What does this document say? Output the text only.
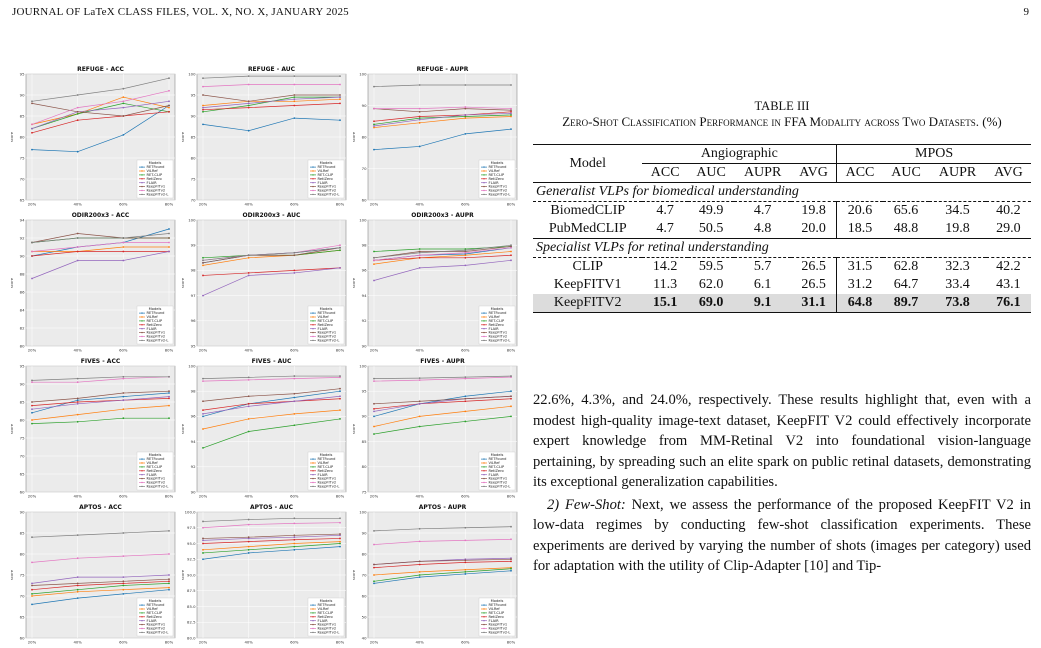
JOURNAL OF LaTeX CLASS FILES, VOL. X, NO. X, JANUARY 2025	9
REFUGE - ACC
65
70
75
80
85
90
95
20%	40%	60%	80%
score
Models
RETFound
ViLRef
RET-CLIP
RetiZero
FLAIR
KeepFITv1
KeepFITv2
KeepFITv2-L
REFUGE - AUC
70
75
80
85
90
95
100
20%	40%	60%	80%
score
Models
RETFound
ViLRef
RET-CLIP
RetiZero
FLAIR
KeepFITv1
KeepFITv2
KeepFITv2-L
REFUGE - AUPR
60
70
80
90
100
20%	40%	60%	80%
score
Models
RETFound
ViLRef
RET-CLIP
RetiZero
FLAIR
KeepFITv1
KeepFITv2
KeepFITv2-L
ODIR200x3 - ACC
80
82
84
86
88
90
92
94
20%	40%	60%	80%
score
Models
RETFound
ViLRef
RET-CLIP
RetiZero
FLAIR
KeepFITv1
KeepFITv2
KeepFITv2-L
ODIR200x3 - AUC
95
96
97
98
99
100
20%	40%	60%	80%
score
Models
RETFound
ViLRef
RET-CLIP
RetiZero
FLAIR
KeepFITv1
KeepFITv2
KeepFITv2-L
ODIR200x3 - AUPR
90
92
94
96
98
100
20%	40%	60%	80%
score
Models
RETFound
ViLRef
RET-CLIP
RetiZero
FLAIR
KeepFITv1
KeepFITv2
KeepFITv2-L
FIVES - ACC
60
65
70
75
80
85
90
95
20%	40%	60%	80%
score
Models
RETFound
ViLRef
RET-CLIP
RetiZero
FLAIR
KeepFITv1
KeepFITv2
KeepFITv2-L
FIVES - AUC
90
92
94
96
98
100
20%	40%	60%	80%
score
Models
RETFound
ViLRef
RET-CLIP
RetiZero
FLAIR
KeepFITv1
KeepFITv2
KeepFITv2-L
FIVES - AUPR
75
80
85
90
95
100
20%	40%	60%	80%
score
Models
RETFound
ViLRef
RET-CLIP
RetiZero
FLAIR
KeepFITv1
KeepFITv2
KeepFITv2-L
APTOS - ACC
60
65
70
75
80
85
90
20%	40%	60%	80%
score
Models
RETFound
ViLRef
RET-CLIP
RetiZero
FLAIR
KeepFITv1
KeepFITv2
KeepFITv2-L
APTOS - AUC
80.0
82.5
85.0
87.5
90.0
92.5
95.0
97.5
100.0
20%	40%	60%	80%
score
Models
RETFound
ViLRef
RET-CLIP
RetiZero
FLAIR
KeepFITv1
KeepFITv2
KeepFITv2-L
APTOS - AUPR
40
50
60
70
80
90
100
20%	40%	60%	80%
score
Models
RETFound
ViLRef
RET-CLIP
RetiZero
FLAIR
KeepFITv1
KeepFITv2
KeepFITv2-L
TABLE III
Zero-Shot Classification Performance in FFA Modality across Two Datasets. (%)
Model	Angiographic				MPOS			
	ACC	AUC	AUPR	AVG	ACC	AUC	AUPR	AVG
Generalist VLPs for biomedical understanding								
BiomedCLIP	4.7	49.9	4.7	19.8	20.6	65.6	34.5	40.2
PubMedCLIP	4.7	50.5	4.8	20.0	18.5	48.8	19.8	29.0
Specialist VLPs for retinal understanding								
CLIP	14.2	59.5	5.7	26.5	31.5	62.8	32.3	42.2
KeepFITV1	11.3	62.0	6.1	26.5	31.2	64.7	33.4	43.1
KeepFITV2	15.1	69.0	9.1	31.1	64.8	89.7	73.8	76.1

22.6%, 4.3%, and 24.0%, respectively. These results highlight that, even with a modest high-quality image-text dataset, KeepFIT V2 could effectively incorporate expert knowledge from MM-Retinal V2 into foundational vision-language pertaining, by spreading such an elite spark on public retinal datasets, demonstrating its exceptional generalization capabilities.

2) Few-Shot: Next, we assess the performance of the proposed KeepFIT V2 in low-data regimes by conducting few-shot classification experiments. These experiments are derived by varying the number of shots (images per category) used for adaptation with the utility of Clip-Adapter [10] and Tip-
